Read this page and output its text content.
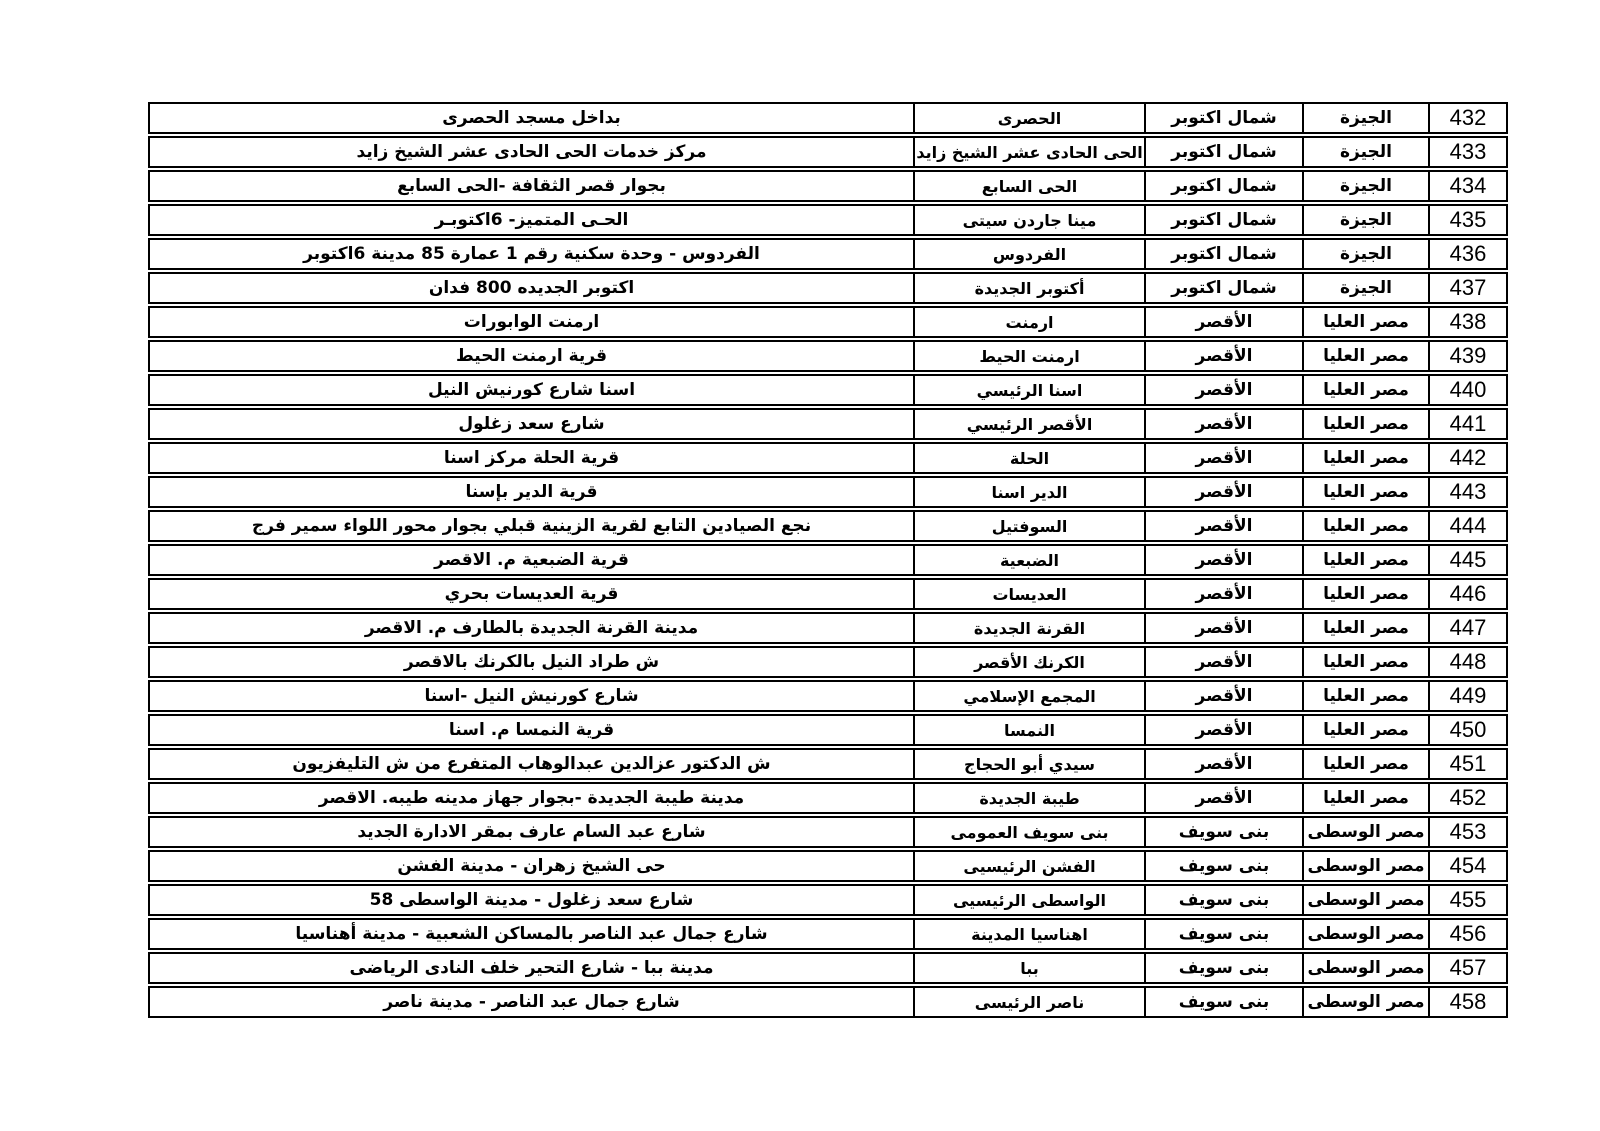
432
الجيزة
شمال اكتوبر
الحصرى
بداخل مسجد الحصرى
433
الجيزة
شمال اكتوبر
الحى الحادى عشر الشيخ زايد
مركز خدمات الحى الحادى عشر الشيخ زايد
434
الجيزة
شمال اكتوبر
الحى السابع
بجوار قصر الثقافة -الحى السابع
435
الجيزة
شمال اكتوبر
مينا جاردن سيتى
الحـى المتميز- 6اكتوبـر
436
الجيزة
شمال اكتوبر
الفردوس
الفردوس - وحدة سكنية رقم 1 عمارة 85 مدينة 6اكتوبر
437
الجيزة
شمال اكتوبر
أكتوبر الجديدة
اكتوبر الجديده 800 فدان
438
مصر العليا
الأقصر
ارمنت
ارمنت الوابورات
439
مصر العليا
الأقصر
ارمنت الحيط
قرية ارمنت الحيط
440
مصر العليا
الأقصر
اسنا الرئيسي
اسنا شارع كورنيش النيل
441
مصر العليا
الأقصر
الأقصر الرئيسي
شارع سعد زغلول
442
مصر العليا
الأقصر
الحلة
قرية الحلة مركز اسنا
443
مصر العليا
الأقصر
الدير اسنا
قرية الدير بإسنا
444
مصر العليا
الأقصر
السوفتيل
نجع الصيادين التابع لقرية الزينية قبلي بجوار محور اللواء سمير فرج
445
مصر العليا
الأقصر
الضبعية
قرية الضبعية م. الاقصر
446
مصر العليا
الأقصر
العديسات
قرية العديسات بحري
447
مصر العليا
الأقصر
القرنة الجديدة
مدينة القرنة الجديدة بالطارف م. الاقصر
448
مصر العليا
الأقصر
الكرنك الأقصر
ش طراد النيل بالكرنك بالاقصر
449
مصر العليا
الأقصر
المجمع الإسلامي
شارع كورنيش النيل -اسنا
450
مصر العليا
الأقصر
النمسا
قرية النمسا م. اسنا
451
مصر العليا
الأقصر
سيدي أبو الحجاج
ش الدكتور عزالدين عبدالوهاب المتفرع من ش التليفزيون
452
مصر العليا
الأقصر
طيبة الجديدة
مدينة طيبة الجديدة -بجوار جهاز مدينه طيبه. الاقصر
453
مصر الوسطى
بنى سويف
بنى سويف العمومى
شارع عبد السام عارف بمقر الادارة الجديد
454
مصر الوسطى
بنى سويف
الفشن الرئيسيى
حى الشيخ زهران - مدينة الفشن
455
مصر الوسطى
بنى سويف
الواسطى الرئيسيى
شارع سعد زغلول - مدينة الواسطى 58
456
مصر الوسطى
بنى سويف
اهناسيا المدينة
شارع جمال عبد الناصر بالمساكن الشعبية - مدينة أهناسيا
457
مصر الوسطى
بنى سويف
ببا
مدينة ببا - شارع التحير خلف النادى الرياضى
458
مصر الوسطى
بنى سويف
ناصر الرئيسى
شارع جمال عبد الناصر - مدينة ناصر
